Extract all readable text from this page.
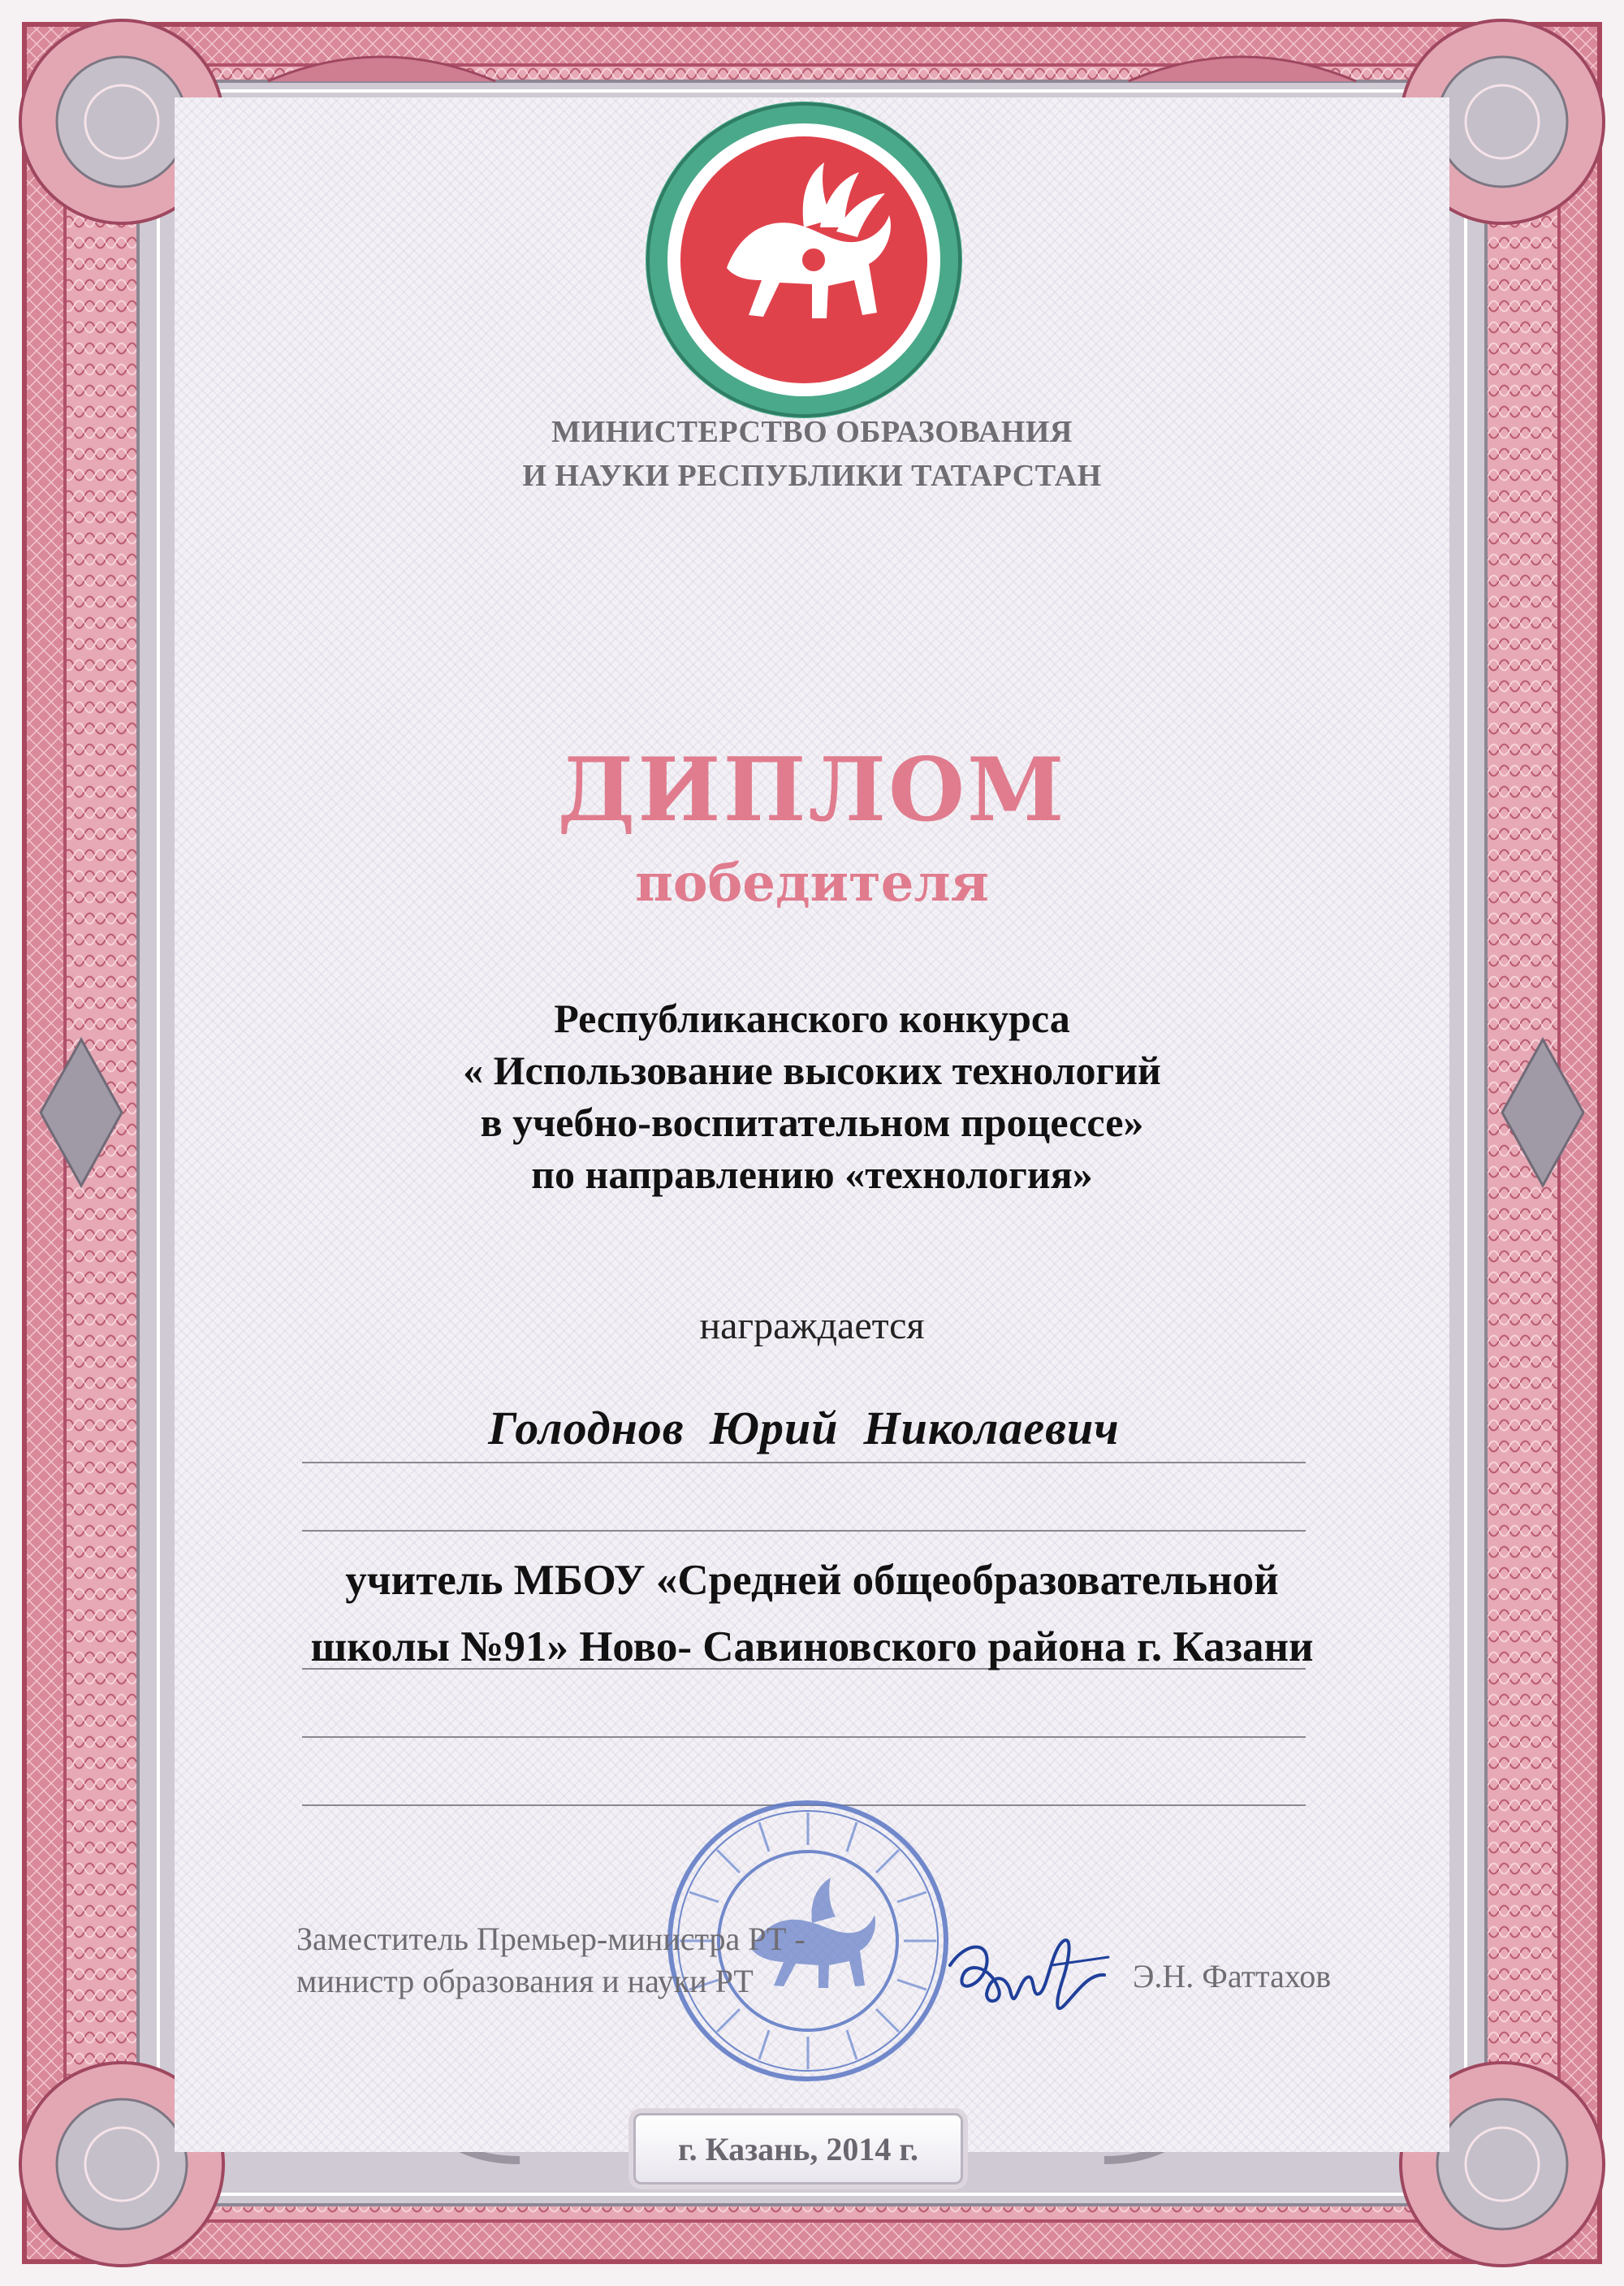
МИНИСТЕРСТВО ОБРАЗОВАНИЯ
И НАУКИ РЕСПУБЛИКИ ТАТАРСТАН
ДИПЛОМ
победителя
Республиканского конкурса
« Использование высоких технологий
в учебно-воспитательном процессе»
по направлению «технология»
награждается
Голоднов  Юрий  Николаевич
учитель МБОУ «Средней общеобразовательной
школы №91» Ново- Савиновского района г. Казани
Заместитель Премьер-министра РТ -
министр образования и науки РТ	Э.Н. Фаттахов
г. Казань, 2014 г.
